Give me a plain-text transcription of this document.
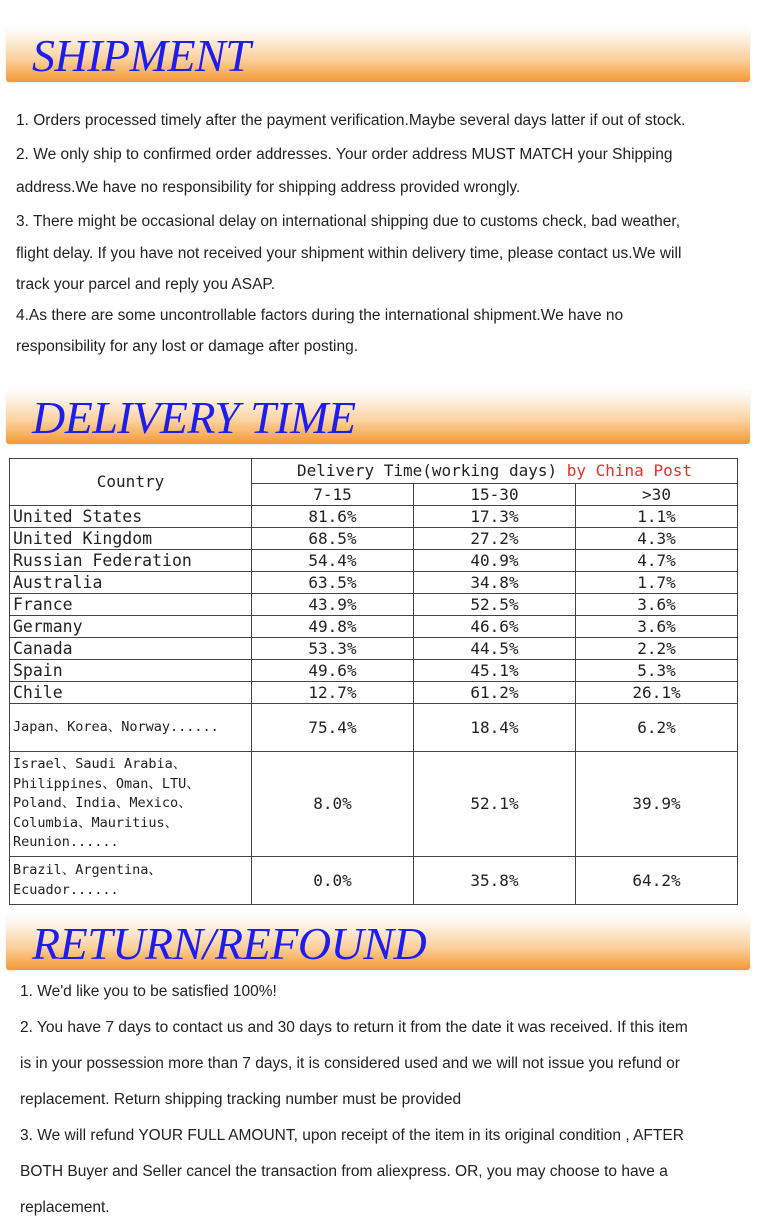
SHIPMENT
1. Orders processed timely after the payment verification.Maybe several days latter if out of stock.
2. We only ship to confirmed order addresses. Your order address MUST MATCH your Shipping
address.We have no responsibility for shipping address provided wrongly.
3. There might be occasional delay on international shipping due to customs check, bad weather,
flight delay. If you have not received your shipment within delivery time, please contact us.We will
track your parcel and reply you ASAP.
4.As there are some uncontrollable factors during the international shipment.We have no
responsibility for any lost or damage after posting.
DELIVERY TIME
Country	Delivery Time(working days) by China Post		
	7-15	15-30	>30
United States	81.6%	17.3%	1.1%
United Kingdom	68.5%	27.2%	4.3%
Russian Federation	54.4%	40.9%	4.7%
Australia	63.5%	34.8%	1.7%
France	43.9%	52.5%	3.6%
Germany	49.8%	46.6%	3.6%
Canada	53.3%	44.5%	2.2%
Spain	49.6%	45.1%	5.3%
Chile	12.7%	61.2%	26.1%
Japan、Korea、Norway......	75.4%	18.4%	6.2%
Israel、Saudi Arabia、Philippines、Oman、LTU、Poland、India、Mexico、Columbia、Mauritius、Reunion......	8.0%	52.1%	39.9%
Brazil、Argentina、Ecuador......	0.0%	35.8%	64.2%
RETURN/REFOUND
1. We'd like you to be satisfied 100%!
2. You have 7 days to contact us and 30 days to return it from the date it was received. If this item
is in your possession more than 7 days, it is considered used and we will not issue you refund or
replacement. Return shipping tracking number must be provided
3. We will refund YOUR FULL AMOUNT, upon receipt of the item in its original condition , AFTER
BOTH Buyer and Seller cancel the transaction from aliexpress. OR, you may choose to have a
replacement.
